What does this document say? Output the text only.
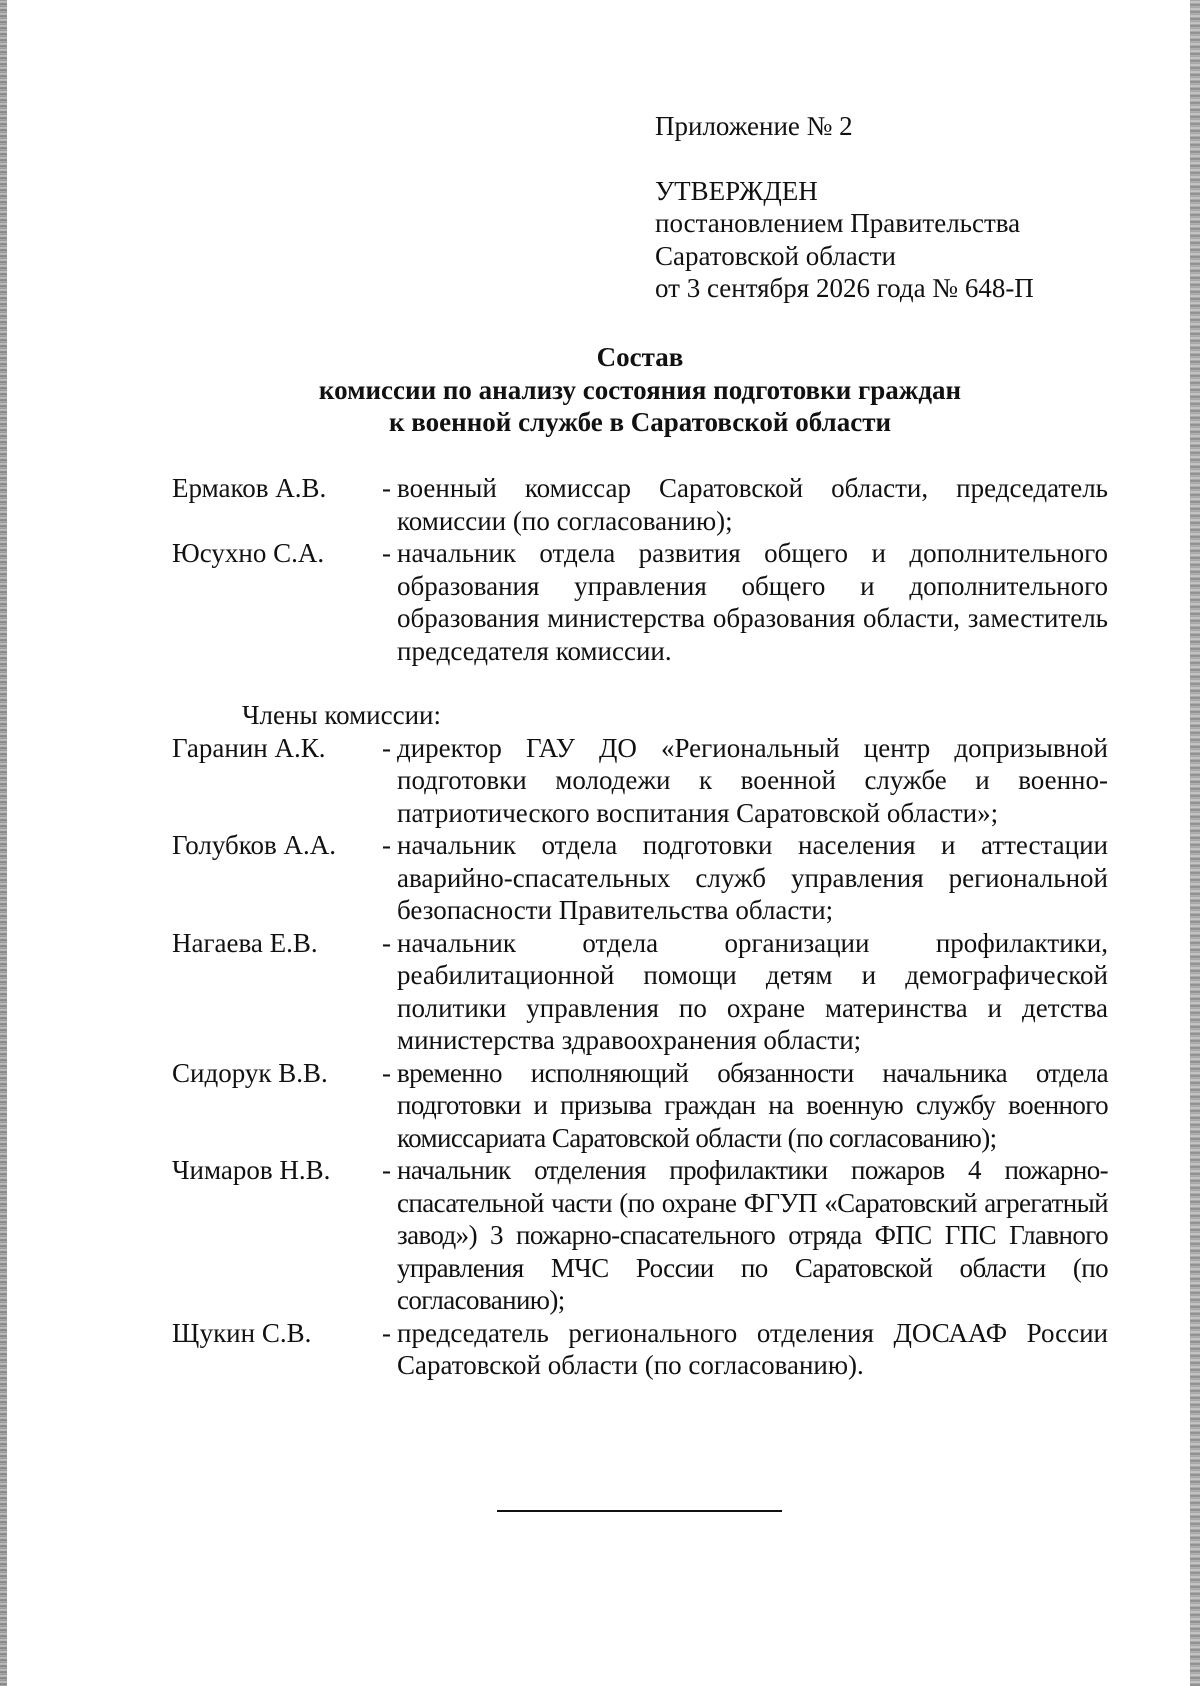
Приложение № 2
УТВЕРЖДЕН
постановлением Правительства
Саратовской области
от 3 сентября 2026 года № 648-П
Состав
комиссии по анализу состояния подготовки граждан
к военной службе в Саратовской области
Ермаков А.В.	- военный комиссар Саратовской области, председатель комиссии (по согласованию);
Юсухно С.А.	- начальник отдела развития общего и дополнительного образования управления общего и дополнительного образования министерства образования области, заместитель председателя комиссии.
Члены комиссии:
Гаранин А.К.	- директор ГАУ ДО «Региональный центр допризывной подготовки молодежи к военной службе и военно-патриотического воспитания Саратовской области»;
Голубков А.А.	- начальник отдела подготовки населения и аттестации аварийно-спасательных служб управления региональной безопасности Правительства области;
Нагаева Е.В.	- начальник отдела организации профилактики, реабилитационной помощи детям и демографической политики управления по охране материнства и детства министерства здравоохранения области;
Сидорук В.В.	- временно исполняющий обязанности начальника отдела подготовки и призыва граждан на военную службу военного комиссариата Саратовской области (по согласованию);
Чимаров Н.В.	- начальник отделения профилактики пожаров 4 пожарно-спасательной части (по охране ФГУП «Саратовский агрегатный завод») 3 пожарно-спасательного отряда ФПС ГПС Главного управления МЧС России по Саратовской области (по согласованию);
Щукин С.В.	- председатель регионального отделения ДОСААФ России Саратовской области (по согласованию).
